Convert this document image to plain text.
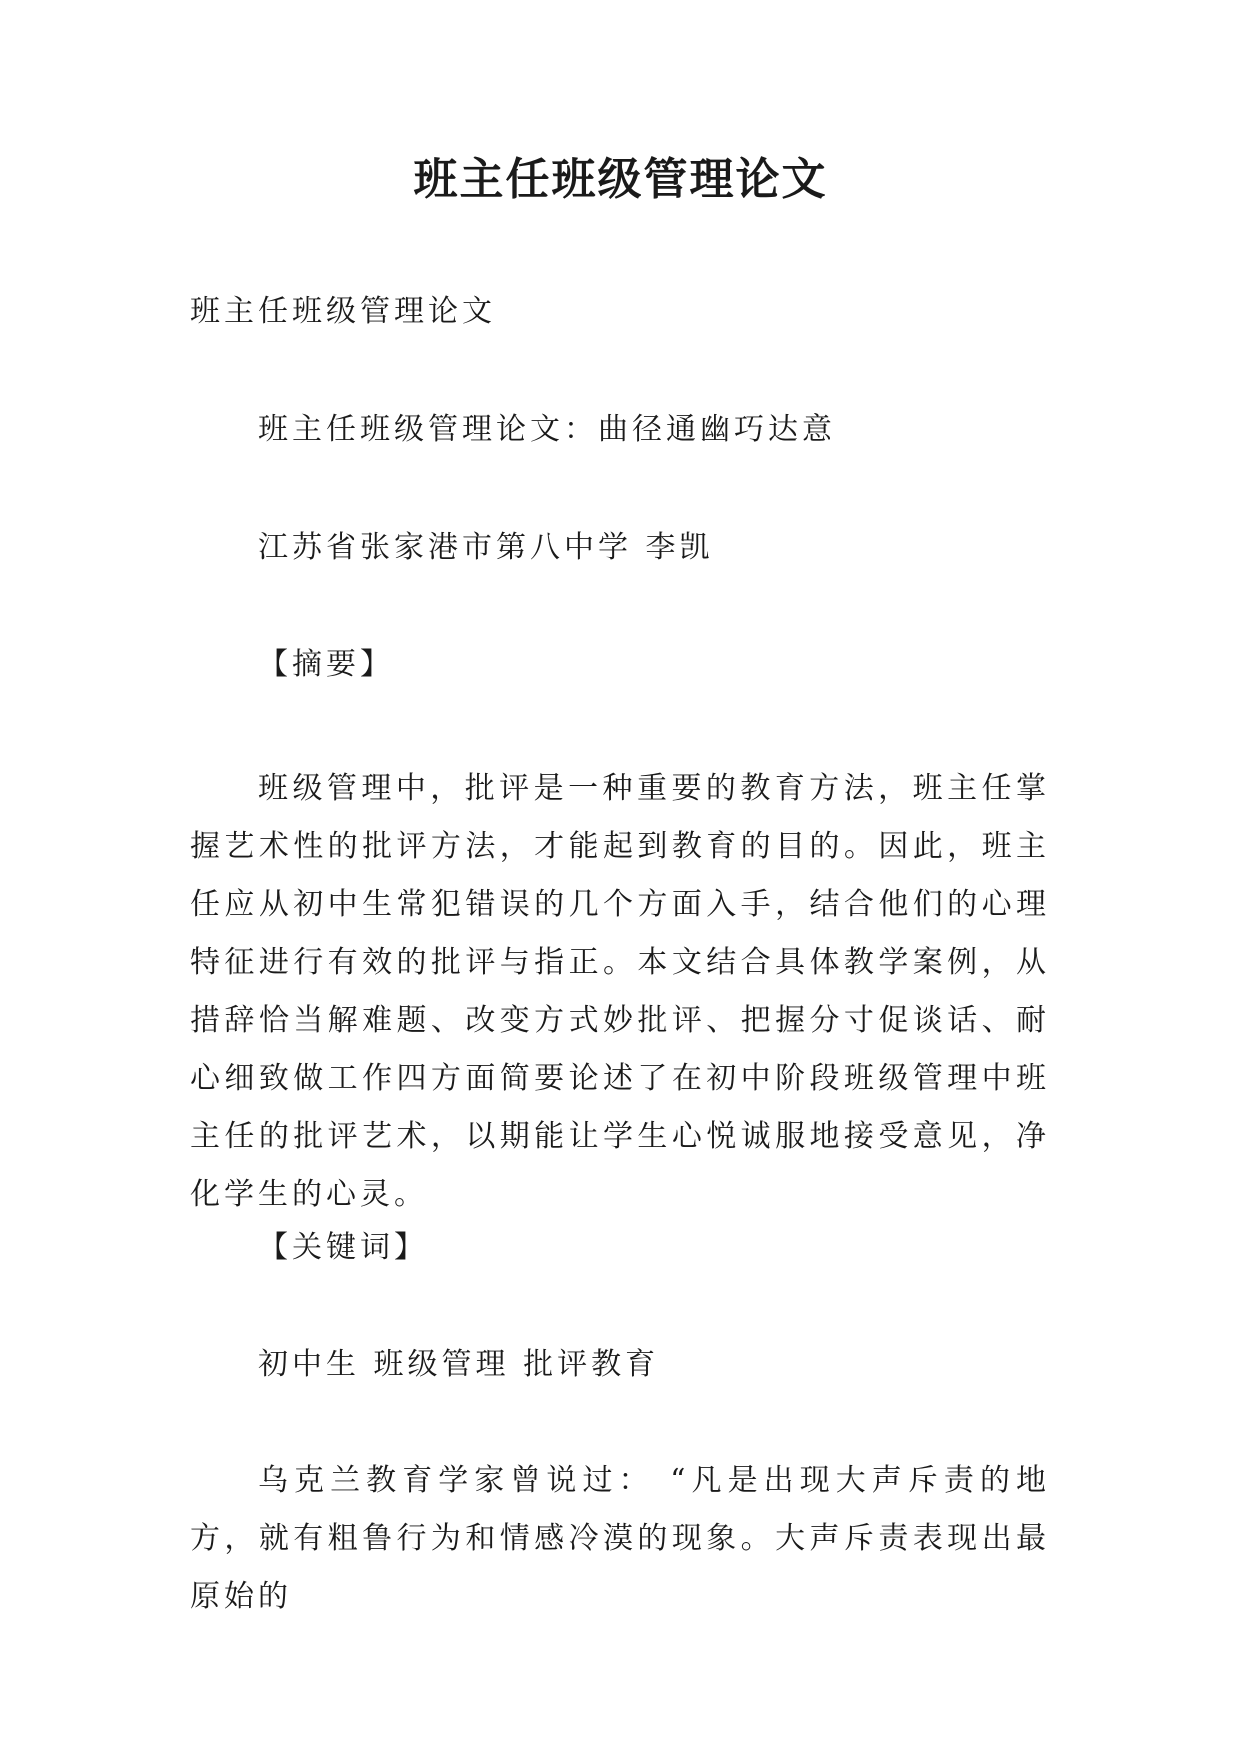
班主任班级管理论文
班主任班级管理论文
班主任班级管理论文：曲径通幽巧达意
江苏省张家港市第八中学 李凯
【摘要】
班级管理中，批评是一种重要的教育方法，班主任掌握艺术性的批评方法，才能起到教育的目的。因此，班主任应从初中生常犯错误的几个方面入手，结合他们的心理特征进行有效的批评与指正。本文结合具体教学案例，从措辞恰当解难题、改变方式妙批评、把握分寸促谈话、耐心细致做工作四方面简要论述了在初中阶段班级管理中班主任的批评艺术，以期能让学生心悦诚服地接受意见，净化学生的心灵。
【关键词】
初中生 班级管理 批评教育
乌克兰教育学家曾说过： “凡是出现大声斥责的地方，就有粗鲁行为和情感冷漠的现象。大声斥责表现出最原始的
